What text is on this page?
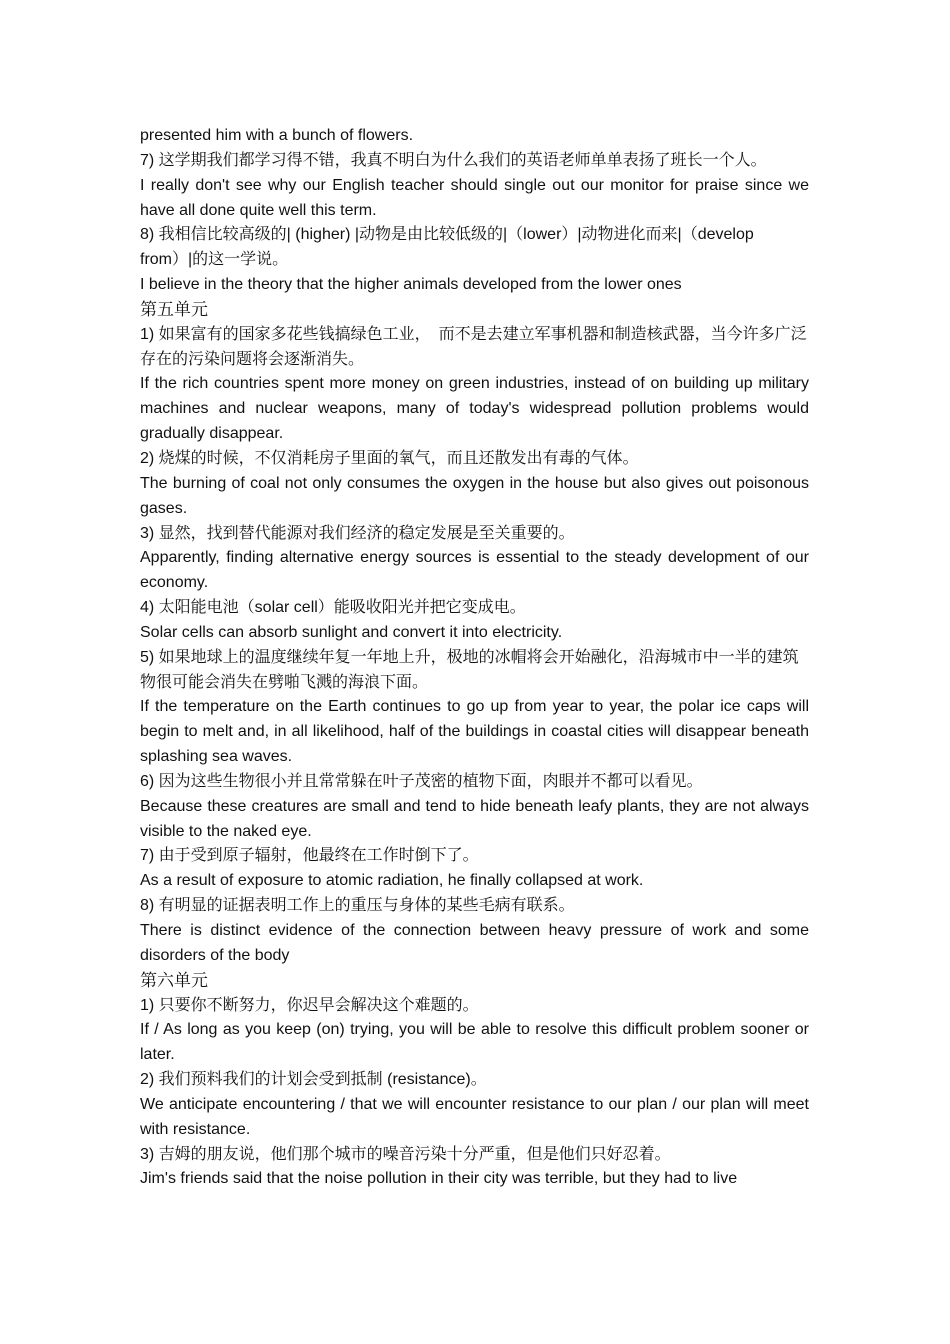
presented him with a bunch of flowers.
7) 这学期我们都学习得不错，我真不明白为什么我们的英语老师单单表扬了班长一个人。
I really don't see why our English teacher should single out our monitor for praise since we have all done quite well this term.
8) 我相信比较高级的| (higher) |动物是由比较低级的|（lower）|动物进化而来|（develop from）|的这一学说。
I believe in the theory that the higher animals developed from the lower ones
第五单元
1) 如果富有的国家多花些钱搞绿色工业，　而不是去建立军事机器和制造核武器，当今许多广泛存在的污染问题将会逐渐消失。
If the rich countries spent more money on green industries, instead of on building up military machines and nuclear weapons, many of today's widespread pollution problems would gradually disappear.
2) 烧煤的时候，不仅消耗房子里面的氧气，而且还散发出有毒的气体。
The burning of coal not only consumes the oxygen in the house but also gives out poisonous gases.
3) 显然，找到替代能源对我们经济的稳定发展是至关重要的。
Apparently, finding alternative energy sources is essential to the steady development of our economy.
4) 太阳能电池（solar cell）能吸收阳光并把它变成电。
Solar cells can absorb sunlight and convert it into electricity.
5) 如果地球上的温度继续年复一年地上升，极地的冰帽将会开始融化，沿海城市中一半的建筑物很可能会消失在劈啪飞溅的海浪下面。
If the temperature on the Earth continues to go up from year to year, the polar ice caps will begin to melt and, in all likelihood, half of the buildings in coastal cities will disappear beneath splashing sea waves.
6) 因为这些生物很小并且常常躲在叶子茂密的植物下面，肉眼并不都可以看见。
Because these creatures are small and tend to hide beneath leafy plants, they are not always visible to the naked eye.
7) 由于受到原子辐射，他最终在工作时倒下了。
As a result of exposure to atomic radiation, he finally collapsed at work.
8) 有明显的证据表明工作上的重压与身体的某些毛病有联系。
There is distinct evidence of the connection between heavy pressure of work and some disorders of the body
第六单元
1) 只要你不断努力，你迟早会解决这个难题的。
If / As long as you keep (on) trying, you will be able to resolve this difficult problem sooner or later.
2) 我们预料我们的计划会受到抵制 (resistance)。
We anticipate encountering / that we will encounter resistance to our plan / our plan will meet with resistance.
3) 吉姆的朋友说，他们那个城市的噪音污染十分严重，但是他们只好忍着。
Jim's friends said that the noise pollution in their city was terrible, but they had to live
